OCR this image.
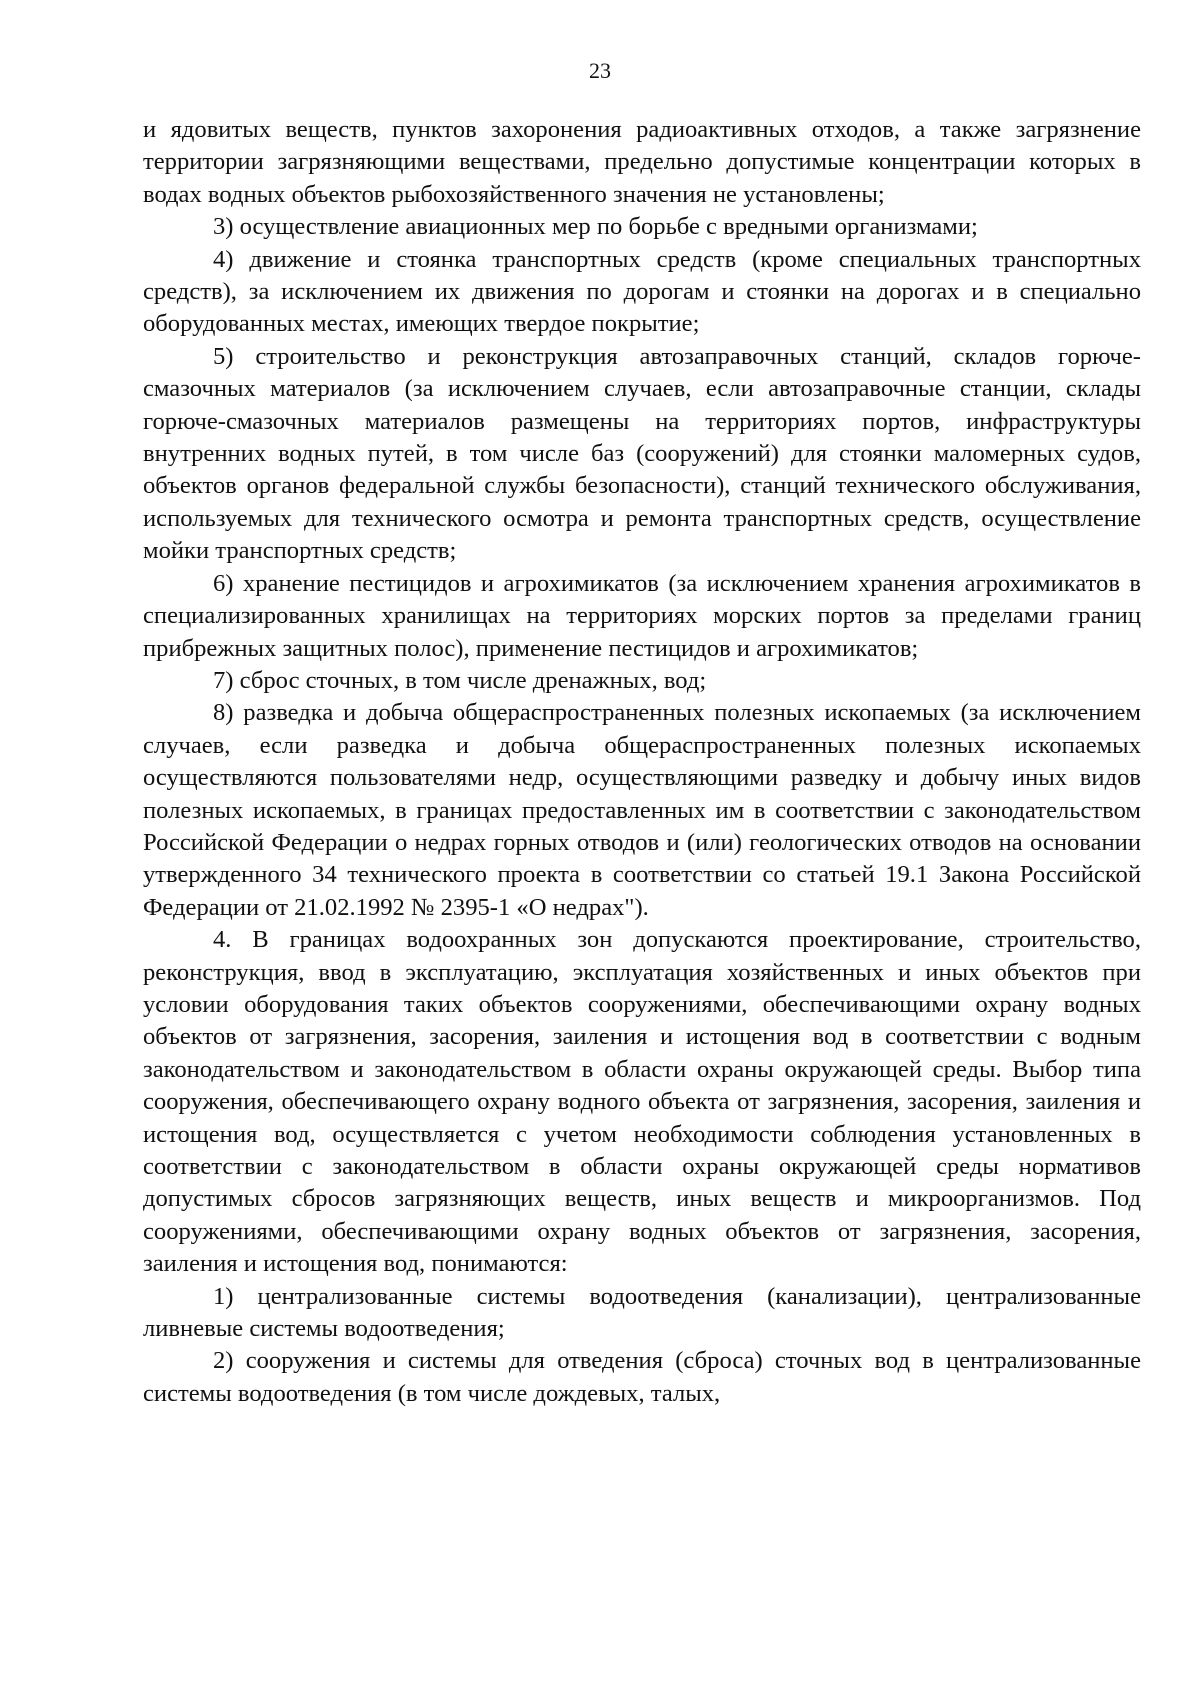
23

и ядовитых веществ, пунктов захоронения радиоактивных отходов, а также загрязнение территории загрязняющими веществами, предельно допустимые концентрации которых в водах водных объектов рыбохозяйственного значения не установлены;

3) осуществление авиационных мер по борьбе с вредными организмами;

4) движение и стоянка транспортных средств (кроме специальных транспортных средств), за исключением их движения по дорогам и стоянки на дорогах и в специально оборудованных местах, имеющих твердое покрытие;

5) строительство и реконструкция автозаправочных станций, складов горюче-смазочных материалов (за исключением случаев, если автозаправочные станции, склады горюче-смазочных материалов размещены на территориях портов, инфраструктуры внутренних водных путей, в том числе баз (сооружений) для стоянки маломерных судов, объектов органов федеральной службы безопасности), станций технического обслуживания, используемых для технического осмотра и ремонта транспортных средств, осуществление мойки транспортных средств;

6) хранение пестицидов и агрохимикатов (за исключением хранения агрохимикатов в специализированных хранилищах на территориях морских портов за пределами границ прибрежных защитных полос), применение пестицидов и агрохимикатов;

7) сброс сточных, в том числе дренажных, вод;

8) разведка и добыча общераспространенных полезных ископаемых (за исключением случаев, если разведка и добыча общераспространенных полезных ископаемых осуществляются пользователями недр, осуществляющими разведку и добычу иных видов полезных ископаемых, в границах предоставленных им в соответствии с законодательством Российской Федерации о недрах горных отводов и (или) геологических отводов на основании утвержденного 34 технического проекта в соответствии со статьей 19.1 Закона Российской Федерации от 21.02.1992 № 2395-1 «О недрах").

4. В границах водоохранных зон допускаются проектирование, строительство, реконструкция, ввод в эксплуатацию, эксплуатация хозяйственных и иных объектов при условии оборудования таких объектов сооружениями, обеспечивающими охрану водных объектов от загрязнения, засорения, заиления и истощения вод в соответствии с водным законодательством и законодательством в области охраны окружающей среды. Выбор типа сооружения, обеспечивающего охрану водного объекта от загрязнения, засорения, заиления и истощения вод, осуществляется с учетом необходимости соблюдения установленных в соответствии с законодательством в области охраны окружающей среды нормативов допустимых сбросов загрязняющих веществ, иных веществ и микроорганизмов. Под сооружениями, обеспечивающими охрану водных объектов от загрязнения, засорения, заиления и истощения вод, понимаются:

1) централизованные системы водоотведения (канализации), централизованные ливневые системы водоотведения;

2) сооружения и системы для отведения (сброса) сточных вод в централизованные системы водоотведения (в том числе дождевых, талых,
